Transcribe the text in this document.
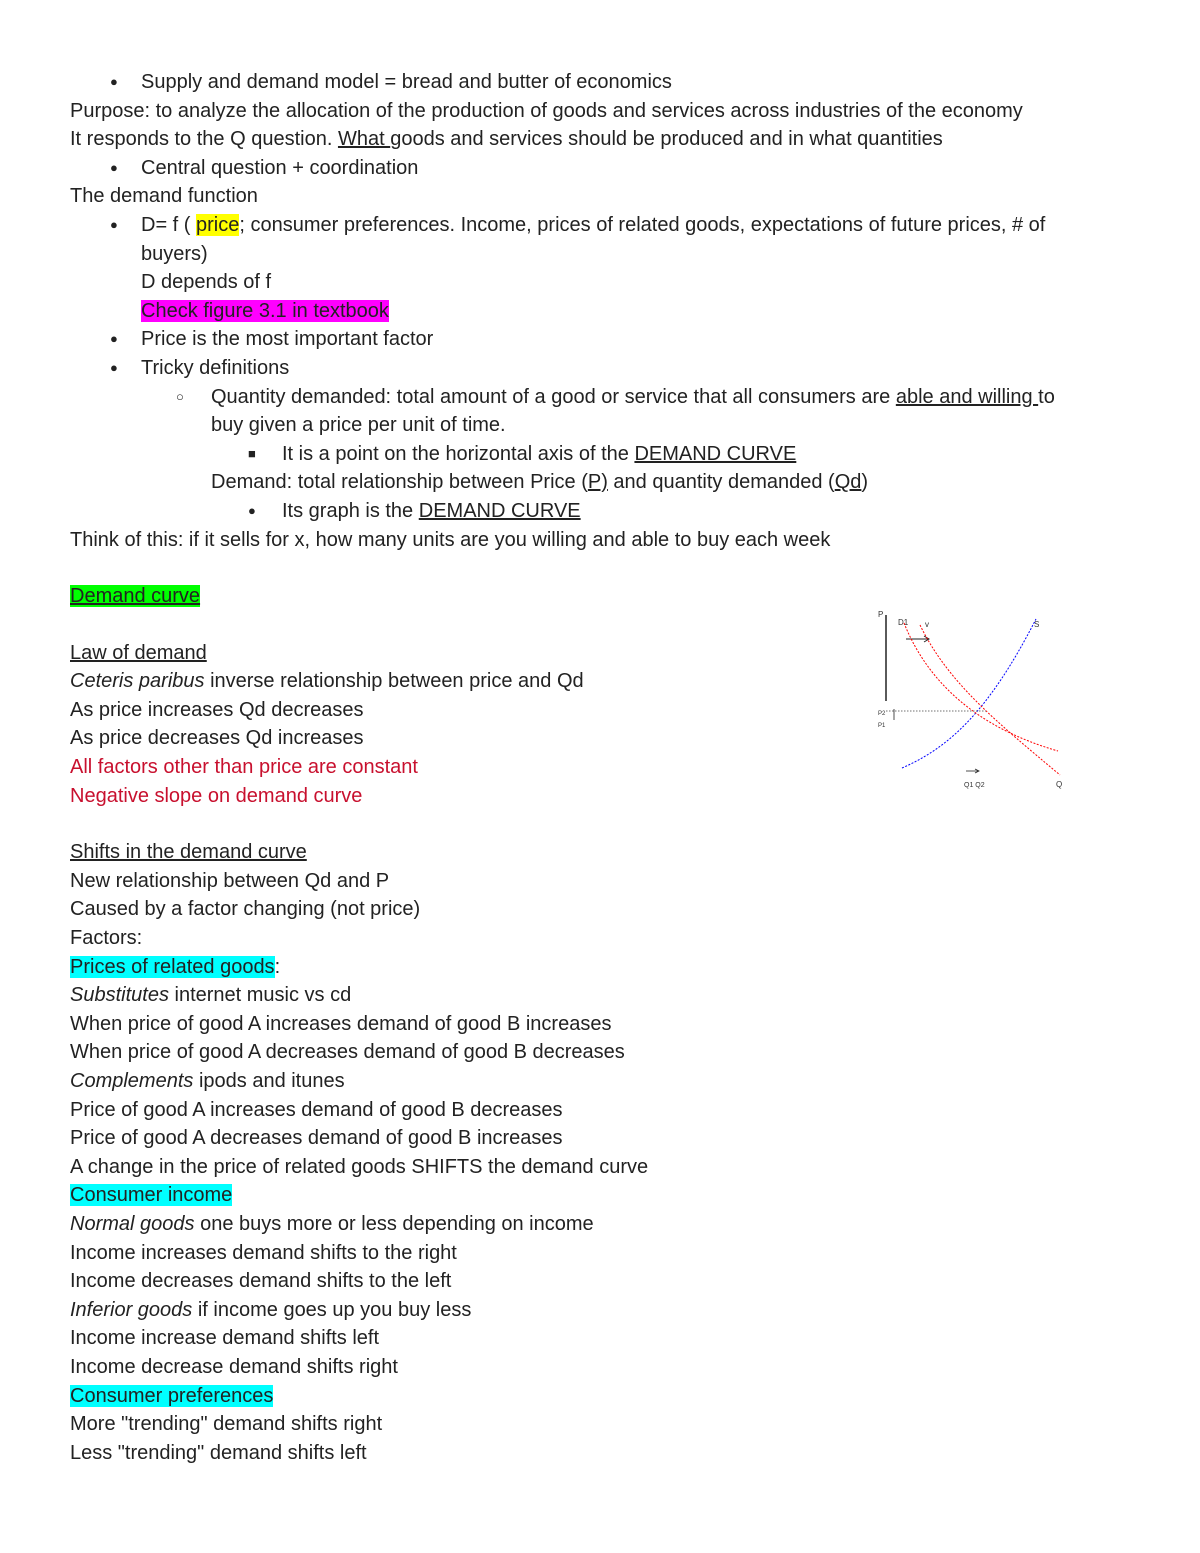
● Supply and demand model = bread and butter of economics
Purpose: to analyze the allocation of the production of goods and services across industries of the economy
It responds to the Q question. What goods and services should be produced and in what quantities
● Central question + coordination
The demand function
● D= f ( price; consumer preferences. Income, prices of related goods, expectations of future prices, # of
buyers)
D depends of f
Check figure 3.1 in textbook
● Price is the most important factor
● Tricky definitions
○ Quantity demanded: total amount of a good or service that all consumers are able and willing to
buy given a price per unit of time.
■ It is a point on the horizontal axis of the DEMAND CURVE
Demand: total relationship between Price (P) and quantity demanded (Qd)
● Its graph is the DEMAND CURVE
Think of this: if it sells for x, how many units are you willing and able to buy each week
Demand curve
Law of demand
Ceteris paribus inverse relationship between price and Qd
As price increases Qd decreases
As price decreases Qd increases
All factors other than price are constant
Negative slope on demand curve
Shifts in the demand curve
New relationship between Qd and P
Caused by a factor changing (not price)
Factors:
Prices of related goods:
Substitutes internet music vs cd
When price of good A increases demand of good B increases
When price of good A decreases demand of good B decreases
Complements ipods and itunes
Price of good A increases demand of good B decreases
Price of good A decreases demand of good B increases
A change in the price of related goods SHIFTS the demand curve
Consumer income
Normal goods one buys more or less depending on income
Income increases demand shifts to the right
Income decreases demand shifts to the left
Inferior goods if income goes up you buy less
Income increase demand shifts left
Income decrease demand shifts right
Consumer preferences
More "trending" demand shifts right
Less "trending" demand shifts left
P
D1 v	S
P2
P1
Q1 Q2	Q
